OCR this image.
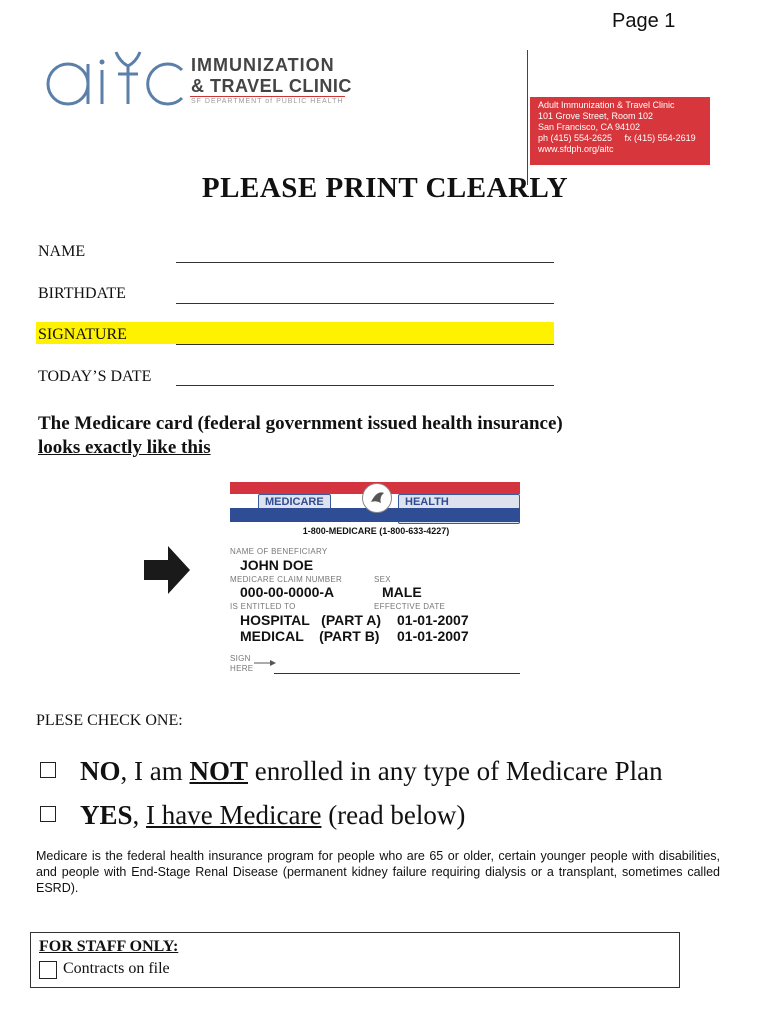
Page 1
IMMUNIZATION
& TRAVEL CLINIC
SF DEPARTMENT of PUBLIC HEALTH	Adult Immunization & Travel Clinic
101 Grove Street, Room 102
San Francisco, CA 94102
ph (415) 554-2625     fx (415) 554-2619
www.sfdph.org/aitc
PLEASE PRINT CLEARLY
NAME
BIRTHDATE
SIGNATURE
TODAY’S DATE
The Medicare card (federal government issued health insurance)
looks exactly like this
MEDICARE	HEALTH
1-800-MEDICARE (1-800-633-4227)
NAME OF BENEFICIARY
JOHN DOE
MEDICARE CLAIM NUMBER	SEX
000-00-0000-A	MALE
IS ENTITLED TO	EFFECTIVE DATE
HOSPITAL   (PART A) 01-01-2007
MEDICAL    (PART B) 01-01-2007
SIGN
HERE
PLESE CHECK ONE:
NO, I am NOT enrolled in any type of Medicare Plan
YES, I have Medicare (read below)
Medicare is the federal health insurance program for people who are 65 or older, certain younger people with disabilities, and people with End-Stage Renal Disease (permanent kidney failure requiring dialysis or a transplant, sometimes called ESRD).
FOR STAFF ONLY:
Contracts on file
